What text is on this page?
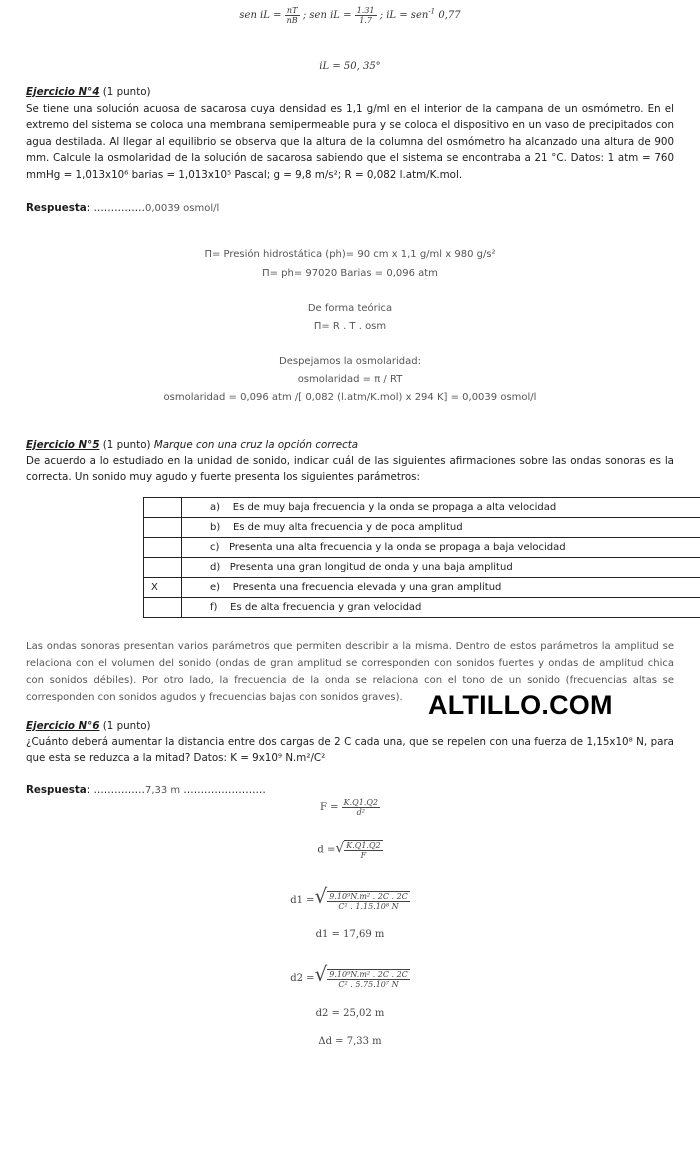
sen iL = $\frac{nT}{nB}$ ; sen iL = $\frac{1.31}{1.7}$ ; iL = sen$^{-1}$ 0,77
iL = 50, 35°
Ejercicio N°4 (1 punto)
Se tiene una solución acuosa de sacarosa cuya densidad es 1,1 g/ml en el interior de la campana de un osmómetro. En el extremo del sistema se coloca una membrana semipermeable pura y se coloca el dispositivo en un vaso de precipitados con agua destilada. Al llegar al equilibrio se observa que la altura de la columna del osmómetro ha alcanzado una altura de 900 mm. Calcule la osmolaridad de la solución de sacarosa sabiendo que el sistema se encontraba a 21 °C. Datos: 1 atm = 760 mmHg = 1,013x10⁶ barias = 1,013x10⁵ Pascal; g = 9,8 m/s²; R = 0,082 l.atm/K.mol.
Respuesta: ……………0,0039 osmol/l
Π= Presión hidrostática (ph)= 90 cm x 1,1 g/ml x 980 g/s²
Π= ph= 97020 Barias = 0,096 atm
De forma teórica
Π= R . T . osm
Despejamos la osmolaridad:
osmolaridad = π / RT
osmolaridad = 0,096 atm /[ 0,082 (l.atm/K.mol) x 294 K] = 0,0039 osmol/l
Ejercicio N°5 (1 punto) Marque con una cruz la opción correcta
De acuerdo a lo estudiado en la unidad de sonido, indicar cuál de las siguientes afirmaciones sobre las ondas sonoras es la correcta. Un sonido muy agudo y fuerte presenta los siguientes parámetros:
	a) Es de muy baja frecuencia y la onda se propaga a alta velocidad
	b) Es de muy alta frecuencia y de poca amplitud
	c) Presenta una alta frecuencia y la onda se propaga a baja velocidad
	d) Presenta una gran longitud de onda y una baja amplitud
X	e) Presenta una frecuencia elevada y una gran amplitud
	f) Es de alta frecuencia y gran velocidad
Las ondas sonoras presentan varios parámetros que permiten describir a la misma. Dentro de estos parámetros la amplitud se relaciona con el volumen del sonido (ondas de gran amplitud se corresponden con sonidos fuertes y ondas de amplitud chica con sonidos débiles). Por otro lado, la frecuencia de la onda se relaciona con el tono de un sonido (frecuencias altas se corresponden con sonidos agudos y frecuencias bajas con sonidos graves). ALTILLO.COM
Ejercicio N°6 (1 punto)
¿Cuánto deberá aumentar la distancia entre dos cargas de 2 C cada una, que se repelen con una fuerza de 1,15x10⁸ N, para que esta se reduzca a la mitad? Datos: K = 9x10⁹ N.m²/C²
Respuesta: ……………7,33 m ……………………
$F = \frac{K.Q1.Q2}{\text{d²}}$
d =√ $\frac{K.Q1.Q2}{F}$
d1 =√ $\frac{\text{9.10⁹N.m² . 2C . 2C}}{\text{C² . 1.15.10⁸ N}}$
d1 = 17,69 m
d2 =√ $\frac{\text{9.10⁹N.m² . 2C . 2C}}{\text{C² . 5.75.10⁷ N}}$
d2 = 25,02 m
Δd = 7,33 m
